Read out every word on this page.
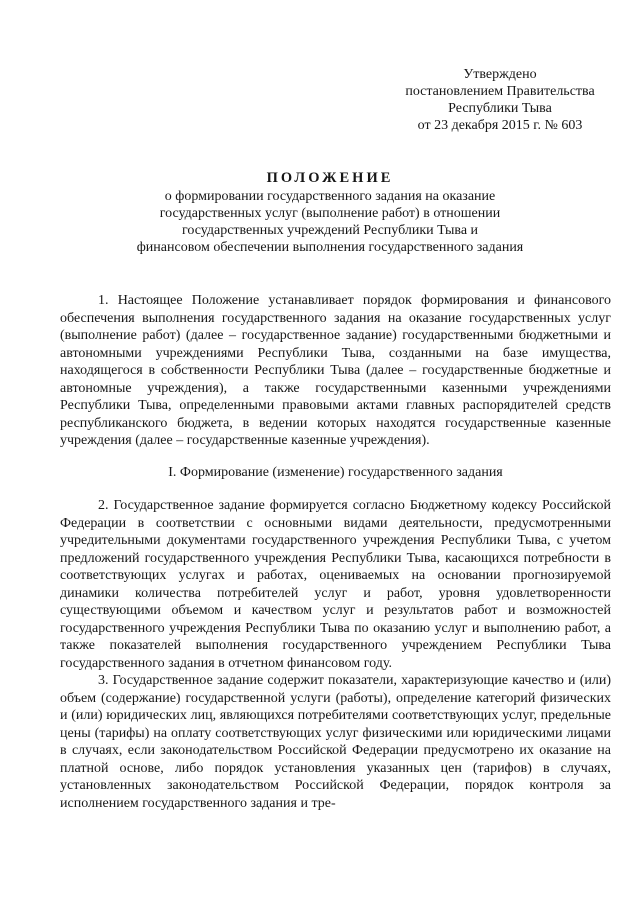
Утверждено
постановлением Правительства
Республики Тыва
от 23 декабря 2015 г. № 603
ПОЛОЖЕНИЕ
о формировании государственного задания на оказание
государственных услуг (выполнение работ) в отношении
государственных учреждений Республики Тыва и
финансовом обеспечении выполнения государственного задания

1. Настоящее Положение устанавливает порядок формирования и финансового обеспечения выполнения государственного задания на оказание государственных услуг (выполнение работ) (далее – государственное задание) государственными бюджетными и автономными учреждениями Республики Тыва, созданными на базе имущества, находящегося в собственности Республики Тыва (далее – государственные бюджетные и автономные учреждения), а также государственными казенными учреждениями Республики Тыва, определенными правовыми актами главных распорядителей средств республиканского бюджета, в ведении которых находятся государственные казенные учреждения (далее – государственные казенные учреждения).

I. Формирование (изменение) государственного задания

2. Государственное задание формируется согласно Бюджетному кодексу Российской Федерации в соответствии с основными видами деятельности, предусмотренными учредительными документами государственного учреждения Республики Тыва, с учетом предложений государственного учреждения Республики Тыва, касающихся потребности в соответствующих услугах и работах, оцениваемых на основании прогнозируемой динамики количества потребителей услуг и работ, уровня удовлетворенности существующими объемом и качеством услуг и результатов работ и возможностей государственного учреждения Республики Тыва по оказанию услуг и выполнению работ, а также показателей выполнения государственного учреждением Республики Тыва государственного задания в отчетном финансовом году.

3. Государственное задание содержит показатели, характеризующие качество и (или) объем (содержание) государственной услуги (работы), определение категорий физических и (или) юридических лиц, являющихся потребителями соответствующих услуг, предельные цены (тарифы) на оплату соответствующих услуг физическими или юридическими лицами в случаях, если законодательством Российской Федерации предусмотрено их оказание на платной основе, либо порядок установления указанных цен (тарифов) в случаях, установленных законодательством Российской Федерации, порядок контроля за исполнением государственного задания и тре-
